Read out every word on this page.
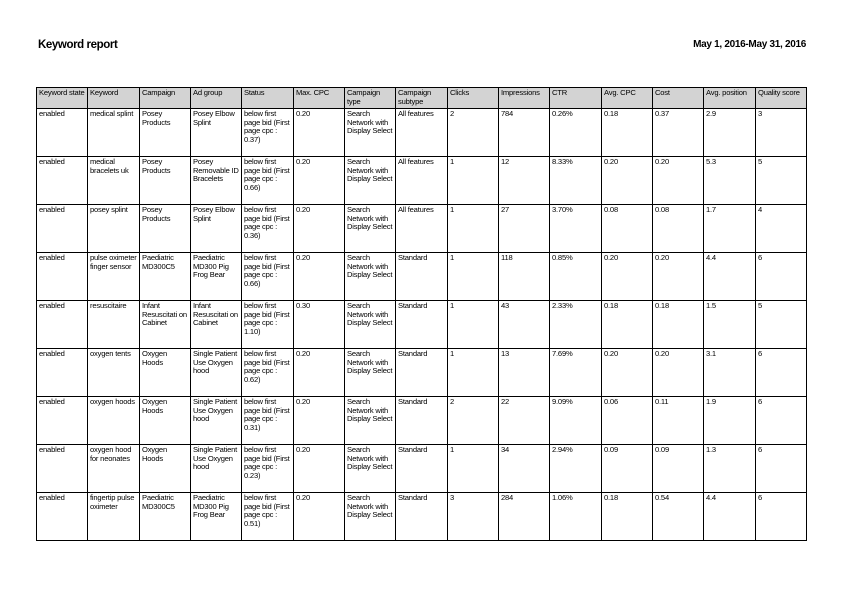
Keyword report	May 1, 2016-May 31, 2016
Keyword state	Keyword	Campaign	Ad group	Status	Max. CPC	Campaign type	Campaign subtype	Clicks	Impressions	CTR	Avg. CPC	Cost	Avg. position	Quality score
enabled	medical splint	Posey Products	Posey Elbow Splint	below first page bid (First page cpc : 0.37)	0.20	Search Network with Display Select	All features	2	784	0.26%	0.18	0.37	2.9	3
enabled	medical bracelets uk	Posey Products	Posey Removable ID Bracelets	below first page bid (First page cpc : 0.66)	0.20	Search Network with Display Select	All features	1	12	8.33%	0.20	0.20	5.3	5
enabled	posey splint	Posey Products	Posey Elbow Splint	below first page bid (First page cpc : 0.36)	0.20	Search Network with Display Select	All features	1	27	3.70%	0.08	0.08	1.7	4
enabled	pulse oximeter finger sensor	Paediatric MD300C5	Paediatric MD300 Pig Frog Bear	below first page bid (First page cpc : 0.66)	0.20	Search Network with Display Select	Standard	1	118	0.85%	0.20	0.20	4.4	6
enabled	resuscitaire	Infant Resuscitati on Cabinet	Infant Resuscitati on Cabinet	below first page bid (First page cpc : 1.10)	0.30	Search Network with Display Select	Standard	1	43	2.33%	0.18	0.18	1.5	5
enabled	oxygen tents	Oxygen Hoods	Single Patient Use Oxygen hood	below first page bid (First page cpc : 0.62)	0.20	Search Network with Display Select	Standard	1	13	7.69%	0.20	0.20	3.1	6
enabled	oxygen hoods	Oxygen Hoods	Single Patient Use Oxygen hood	below first page bid (First page cpc : 0.31)	0.20	Search Network with Display Select	Standard	2	22	9.09%	0.06	0.11	1.9	6
enabled	oxygen hood for neonates	Oxygen Hoods	Single Patient Use Oxygen hood	below first page bid (First page cpc : 0.23)	0.20	Search Network with Display Select	Standard	1	34	2.94%	0.09	0.09	1.3	6
enabled	fingertip pulse oximeter	Paediatric MD300C5	Paediatric MD300 Pig Frog Bear	below first page bid (First page cpc : 0.51)	0.20	Search Network with Display Select	Standard	3	284	1.06%	0.18	0.54	4.4	6
